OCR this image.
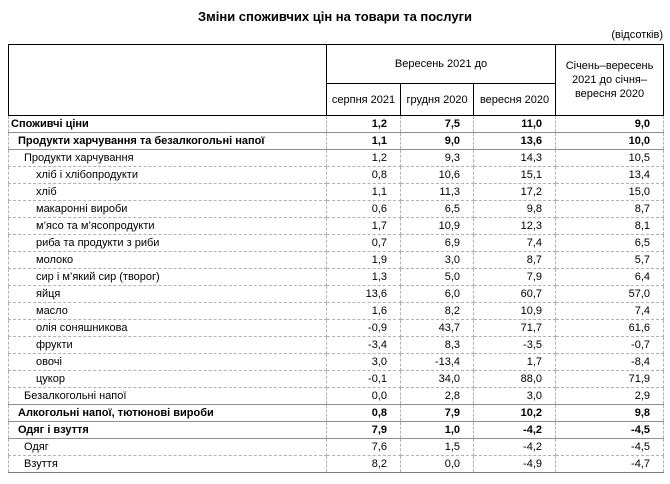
Зміни споживчих цін на товари та послуги
(відсотків)
	Вересень 2021 до			Січень–вересень 2021 до січня–вересня 2020
	серпня 2021	грудня 2020	вересня 2020	
Споживчі ціни	1,2	7,5	11,0	9,0
Продукти харчування та безалкогольні напої	1,1	9,0	13,6	10,0
Продукти харчування	1,2	9,3	14,3	10,5
хліб і хлібопродукти	0,8	10,6	15,1	13,4
хліб	1,1	11,3	17,2	15,0
макаронні вироби	0,6	6,5	9,8	8,7
м’ясо та м’ясопродукти	1,7	10,9	12,3	8,1
риба та продукти з риби	0,7	6,9	7,4	6,5
молоко	1,9	3,0	8,7	5,7
сир і м’який сир (творог)	1,3	5,0	7,9	6,4
яйця	13,6	6,0	60,7	57,0
масло	1,6	8,2	10,9	7,4
олія соняшникова	-0,9	43,7	71,7	61,6
фрукти	-3,4	8,3	-3,5	-0,7
овочі	3,0	-13,4	1,7	-8,4
цукор	-0,1	34,0	88,0	71,9
Безалкогольні напої	0,0	2,8	3,0	2,9
Алкогольні напої, тютюнові вироби	0,8	7,9	10,2	9,8
Одяг і взуття	7,9	1,0	-4,2	-4,5
Одяг	7,6	1,5	-4,2	-4,5
Взуття	8,2	0,0	-4,9	-4,7
